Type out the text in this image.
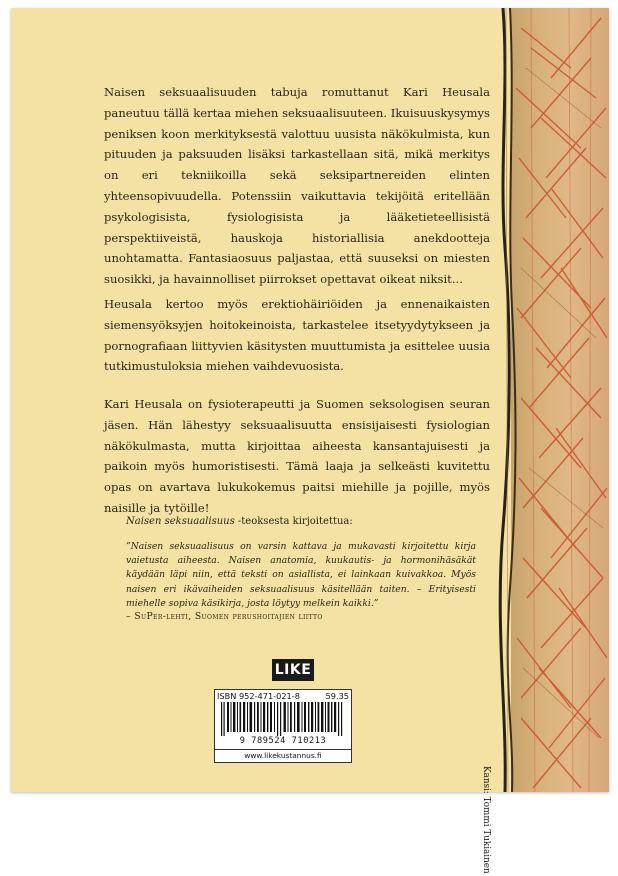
Naisen seksuaalisuuden tabuja romuttanut Kari Heusala paneutuu tällä kertaa miehen seksuaalisuuteen. Ikuisuuskysymys peniksen koon merkityksestä valottuu uusista näkökulmista, kun pituuden ja paksuuden lisäksi tarkastellaan sitä, mikä merkitys on eri tekniikoilla sekä seksipartnereiden elinten yhteensopivuudella. Potenssiin vaikuttavia tekijöitä eritellään psykologisista, fysiologisista ja lääketieteellisistä perspektiiveistä, hauskoja historiallisia anekdootteja unohtamatta. Fantasiaosuus paljastaa, että suuseksi on miesten suosikki, ja havainnolliset piirrokset opettavat oikeat niksit...

Heusala kertoo myös erektiohäiriöiden ja ennenaikaisten siemensyöksyjen hoitokeinoista, tarkastelee itsetyydytykseen ja pornografiaan liittyvien käsitysten muuttumista ja esittelee uusia tutkimustuloksia miehen vaihdevuosista.

Kari Heusala on fysioterapeutti ja Suomen seksologisen seuran jäsen. Hän lähestyy seksuaalisuutta ensisijaisesti fysiologian näkökulmasta, mutta kirjoittaa aiheesta kansantajuisesti ja paikoin myös humoristisesti. Tämä laaja ja selkeästi kuvitettu opas on avartava lukukokemus paitsi miehille ja pojille, myös naisille ja tytöille!

Naisen seksuaalisuus -teoksesta kirjoitettua:

”Naisen seksuaalisuus on varsin kattava ja mukavasti kirjoitettu kirja vaietusta aiheesta. Naisen anatomia, kuukautis- ja hormonihäsäkät käydään läpi niin, että teksti on asiallista, ei lainkaan kuivakkoa. Myös naisen eri ikävaiheiden seksuaalisuus käsitellään taiten. – Erityisesti miehelle sopiva käsikirja, josta löytyy melkein kaikki.”

– SuPer-lehti, Suomen perushoitajien liitto

LIKE
ISBN 952-471-021-8	59.35
9 789524 710213
www.likekustannus.fi
Kansi: Tommi Tukiainen
